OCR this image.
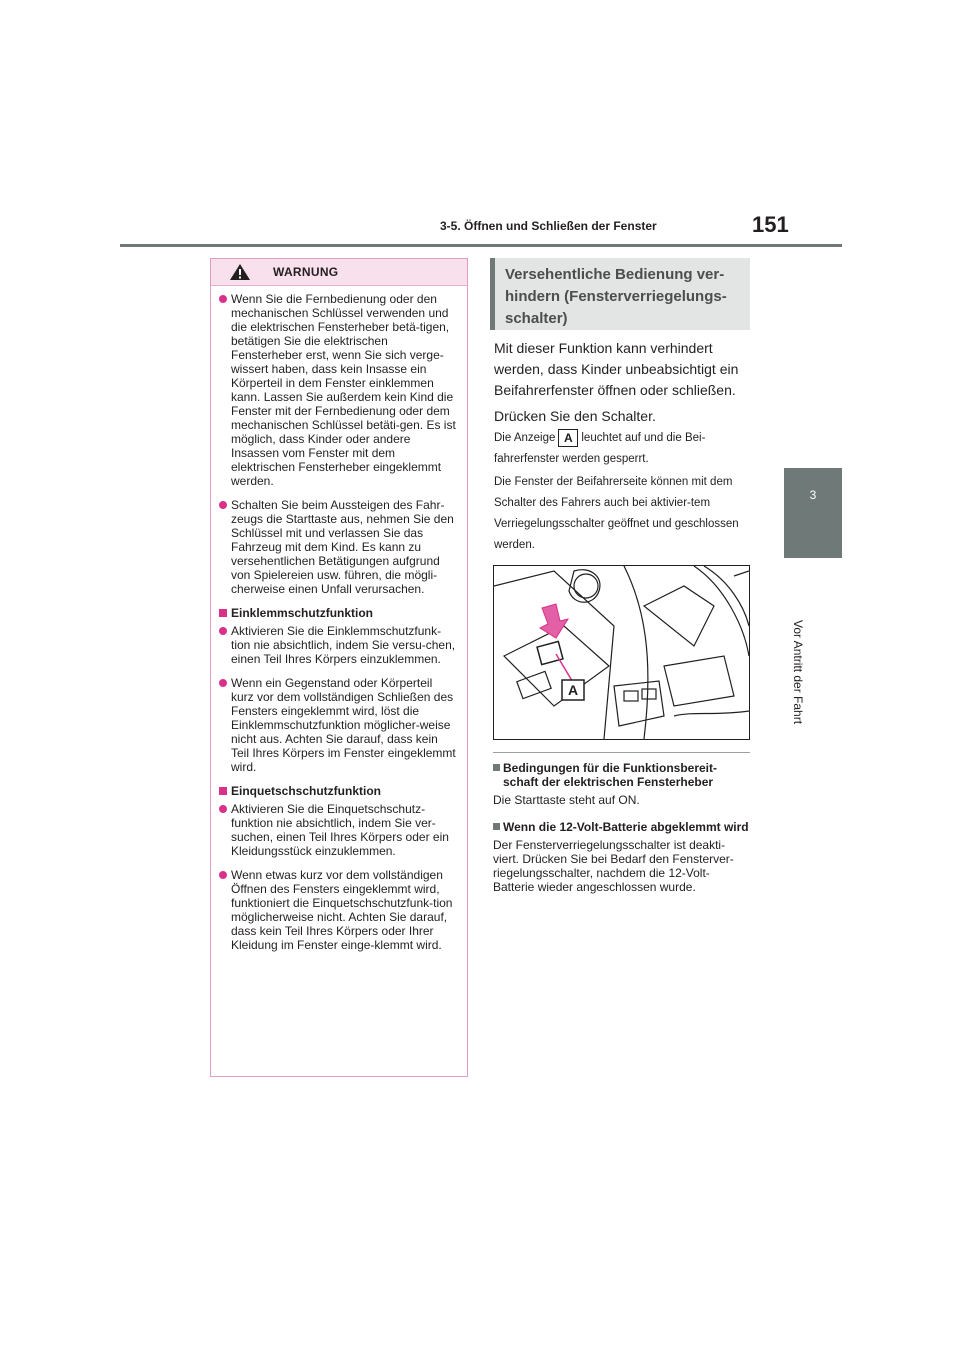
3-5. Öffnen und Schließen der Fenster	151
3
Vor Antritt der Fahrt
WARNUNG
Wenn Sie die Fernbedienung oder den mechanischen Schlüssel verwenden und die elektrischen Fensterheber betä-tigen, betätigen Sie die elektrischen Fensterheber erst, wenn Sie sich verge-wissert haben, dass kein Insasse ein Körperteil in dem Fenster einklemmen kann. Lassen Sie außerdem kein Kind die Fenster mit der Fernbedienung oder dem mechanischen Schlüssel betäti-gen. Es ist möglich, dass Kinder oder andere Insassen vom Fenster mit dem elektrischen Fensterheber eingeklemmt werden.
Schalten Sie beim Aussteigen des Fahr-zeugs die Starttaste aus, nehmen Sie den Schlüssel mit und verlassen Sie das Fahrzeug mit dem Kind. Es kann zu versehentlichen Betätigungen aufgrund von Spielereien usw. führen, die mögli-cherweise einen Unfall verursachen.
Einklemmschutzfunktion
Aktivieren Sie die Einklemmschutzfunk-tion nie absichtlich, indem Sie versu-chen, einen Teil Ihres Körpers einzuklemmen.
Wenn ein Gegenstand oder Körperteil kurz vor dem vollständigen Schließen des Fensters eingeklemmt wird, löst die Einklemmschutzfunktion möglicher-weise nicht aus. Achten Sie darauf, dass kein Teil Ihres Körpers im Fenster eingeklemmt wird.
Einquetschschutzfunktion
Aktivieren Sie die Einquetschschutz-funktion nie absichtlich, indem Sie ver-suchen, einen Teil Ihres Körpers oder ein Kleidungsstück einzuklemmen.
Wenn etwas kurz vor dem vollständigen Öffnen des Fensters eingeklemmt wird, funktioniert die Einquetschschutzfunk-tion möglicherweise nicht. Achten Sie darauf, dass kein Teil Ihres Körpers oder Ihrer Kleidung im Fenster einge-klemmt wird.
Versehentliche Bedienung ver-hindern (Fensterverriegelungs-schalter)

Mit dieser Funktion kann verhindert werden, dass Kinder unbeabsichtigt ein Beifahrerfenster öffnen oder schließen.

Drücken Sie den Schalter.

Die Anzeige A leuchtet auf und die Bei-fahrerfenster werden gesperrt.
Die Fenster der Beifahrerseite können mit dem Schalter des Fahrers auch bei aktivier-tem Verriegelungsschalter geöffnet und geschlossen werden.
A
Bedingungen für die Funktionsbereit-schaft der elektrischen Fensterheber
Die Starttaste steht auf ON.
Wenn die 12-Volt-Batterie abgeklemmt wird
Der Fensterverriegelungsschalter ist deakti-viert. Drücken Sie bei Bedarf den Fensterver-riegelungsschalter, nachdem die 12-Volt-Batterie wieder angeschlossen wurde.
